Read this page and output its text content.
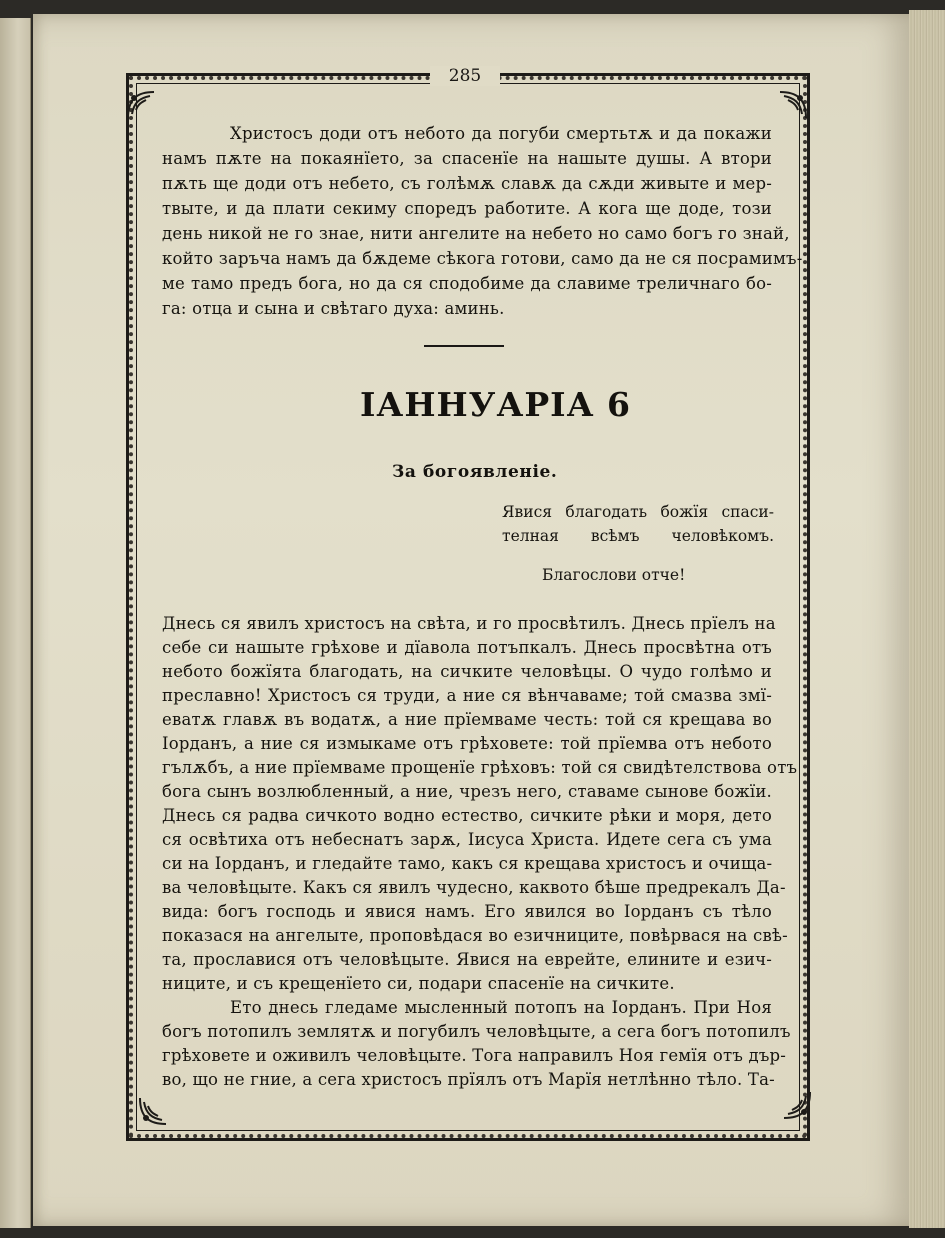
285
Христосъ доди отъ небото да погуби смертьтѫ и да покажи
намъ пѫте на покаянїето, за спасенїе на нашыте душы. А втори
пѫть ще доди отъ небето, съ голѣмѫ славѫ да сѫди живыте и мер-
твыте, и да плати секиму споредъ работите. А кога ще доде, този
день никой не го знае, нити ангелите на небето но само богъ го знай,
който заръча намъ да бѫдеме сѣкога готови, само да не ся посрамимъ-
ме тамо предъ бога, но да ся сподобиме да славиме трeличнаго бо-
га: отца и сына и свѣтаго духа: аминь.
ІАННУАРІА 6
За богоявленіе.
Явися благодать божїя спаси-
телная всѣмъ человѣкомъ.
Благослови отче!
Днесь ся явилъ христосъ на свѣта, и го просвѣтилъ. Днесь прїелъ на
себе си нашыте грѣхове и дїавола потъпкалъ. Днесь просвѣтна отъ
небото божїята благодать, на сичките человѣцы. О чудо голѣмо и
преславно! Христосъ ся труди, а ние ся вѣнчаваме; той смазва змї-
еватѫ главѫ въ водатѫ, а ние прїемваме честь: той ся крещава во
Іорданъ, а ние ся измыкаме отъ грѣховете: той прїемва отъ небото
гълѫбъ, а ние прїемваме прощенїе грѣховъ: той ся свидѣтелствова отъ
бога сынъ возлюбленный, а ние, чрезъ него, ставаме сынове божїи.
Днесь ся радва сичкото водно естество, сичките рѣки и моря, дето
ся освѣтиха отъ небеснатъ зарѫ, Іисуса Христа. Идете сега съ ума
си на Іорданъ, и гледайте тамо, какъ ся крещава христосъ и очищa-
ва человѣцыте. Какъ ся явилъ чудесно, каквото бѣше предрекалъ Да-
вида: богъ господь и явися намъ. Его явился во Іорданъ съ тѣло
показася на ангелыте, проповѣдася во езичниците, повѣрвася на свѣ-
та, прославися отъ человѣцыте. Явися на еврейте, елините и езич-
ниците, и съ крещенїето си, подари спасенїе на сичките.
Ето днесь гледаме мысленный потопъ на Іорданъ. При Ноя
богъ потопилъ землятѫ и погубилъ человѣцыте, а сега богъ потопилъ
грѣховете и оживилъ человѣцыте. Тога направилъ Ноя гемїя отъ дър-
во, що не гние, а сега христосъ прїялъ отъ Марїя нетлѣнно тѣло. Та-
